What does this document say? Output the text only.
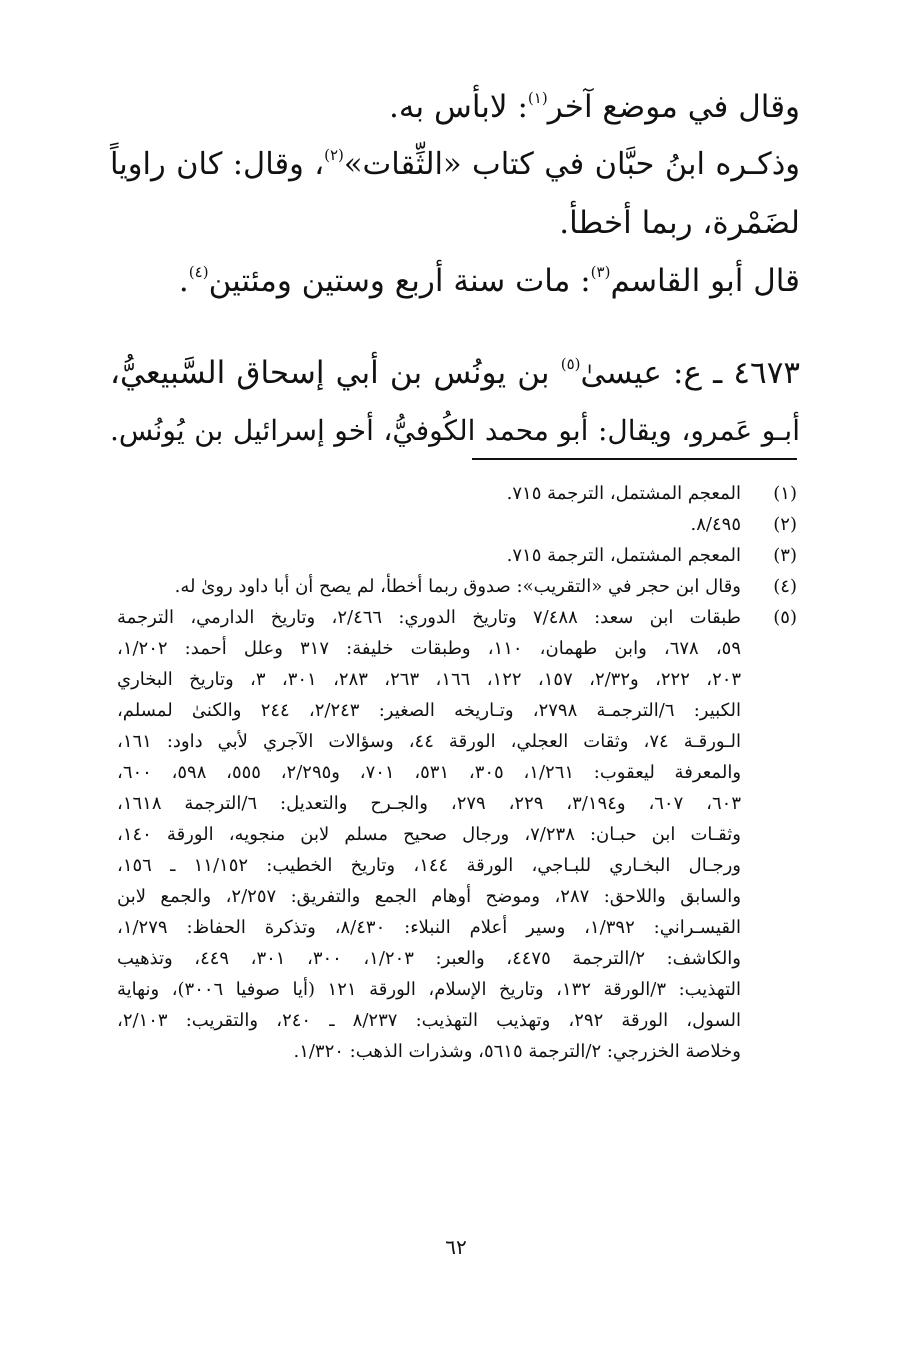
وقال في موضع آخر$^{(١)}$: لابأس به.
وذكـره ابنُ حبَّان في كتاب «الثِّقات»$^{(٢)}$، وقال: كان راوياً
لضَمْرة، ربما أخطأ.
قال أبو القاسم$^{(٣)}$: مات سنة أربع وستين ومئتين$^{(٤)}$.
٤٦٧٣ ـ ع: عيسىٰ$^{(٥)}$ بن يونُس بن أبي إسحاق السَّبيعيُّ،
أبـو عَمرو، ويقال: أبو محمد الكُوفيُّ، أخو إسرائيل بن يُونُس.
(١)
المعجم المشتمل، الترجمة ٧١٥.
(٢)
٨/٤٩٥.
(٣)
المعجم المشتمل، الترجمة ٧١٥.
(٤)
وقال ابن حجر في «التقريب»: صدوق ربما أخطأ، لم يصح أن أبا داود روىٰ له.
(٥)
طبقات ابن سعد: ٧/٤٨٨ وتاريخ الدوري: ٢/٤٦٦، وتاريخ الدارمي، الترجمة
٥٩، ٦٧٨، وابن طهمان، ١١٠، وطبقات خليفة: ٣١٧ وعلل أحمد: ١/٢٠٢،
٢٠٣، ٢٢٢، و٢/٣٢، ١٥٧، ١٢٢، ١٦٦، ٢٦٣، ٢٨٣، ٣٠١، ٣، وتاريخ البخاري
الكبير: ٦/الترجمـة ٢٧٩٨، وتـاريخه الصغير: ٢/٢٤٣، ٢٤٤ والكنىٰ لمسلم،
الـورقـة ٧٤، وثقات العجلي، الورقة ٤٤، وسؤالات الآجري لأبي داود: ١٦١،
والمعرفة ليعقوب: ١/٢٦١، ٣٠٥، ٥٣١، ٧٠١، و٢/٢٩٥، ٥٥٥، ٥٩٨، ٦٠٠،
٦٠٣، ٦٠٧، و٣/١٩٤، ٢٢٩، ٢٧٩، والجـرح والتعديل: ٦/الترجمة ١٦١٨،
وثقـات ابن حبـان: ٧/٢٣٨، ورجال صحيح مسلم لابن منجويه، الورقة ١٤٠،
ورجـال البخـاري للبـاجي، الورقة ١٤٤، وتاريخ الخطيب: ١١/١٥٢ ـ ١٥٦،
والسابق واللاحق: ٢٨٧، وموضح أوهام الجمع والتفريق: ٢/٢٥٧، والجمع لابن
القيسـراني: ١/٣٩٢، وسير أعلام النبلاء: ٨/٤٣٠، وتذكرة الحفاظ: ١/٢٧٩،
والكاشف: ٢/الترجمة ٤٤٧٥، والعبر: ١/٢٠٣، ٣٠٠، ٣٠١، ٤٤٩، وتذهيب
التهذيب: ٣/الورقة ١٣٢، وتاريخ الإسلام، الورقة ١٢١ (أيا صوفيا ٣٠٠٦)، ونهاية
السول، الورقة ٢٩٢، وتهذيب التهذيب: ٨/٢٣٧ ـ ٢٤٠، والتقريب: ٢/١٠٣،
وخلاصة الخزرجي: ٢/الترجمة ٥٦١٥، وشذرات الذهب: ١/٣٢٠.
٦٢
